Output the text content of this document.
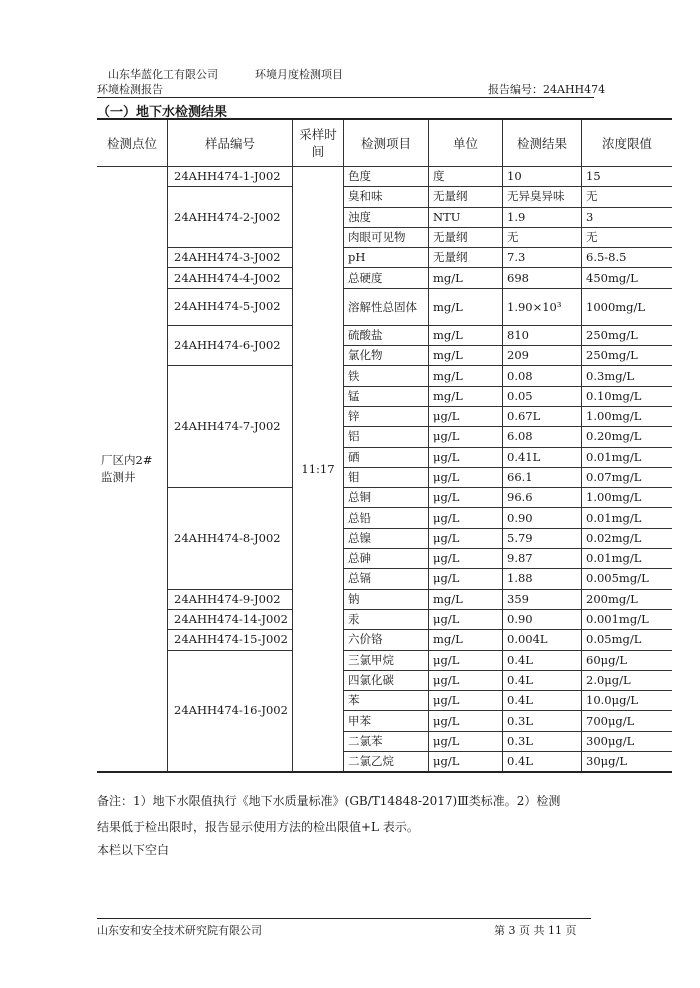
山东华蓝化工有限公司	环境月度检测项目
环境检测报告	报告编号：24AHH474
（一）地下水检测结果
检测点位	样品编号	采样时间	检测项目	单位	检测结果	浓度限值
厂区内2#监测井	24AHH474-1-J002	11:17	色度	度	10	15
	24AHH474-2-J002		臭和味	无量纲	无异臭异味	无
			浊度	NTU	1.9	3
			肉眼可见物	无量纲	无	无
	24AHH474-3-J002		pH	无量纲	7.3	6.5-8.5
	24AHH474-4-J002		总硬度	mg/L	698	450mg/L
	24AHH474-5-J002		溶解性总固体	mg/L	1.90×10³	1000mg/L
	24AHH474-6-J002		硫酸盐	mg/L	810	250mg/L
			氯化物	mg/L	209	250mg/L
	24AHH474-7-J002		铁	mg/L	0.08	0.3mg/L
			锰	mg/L	0.05	0.10mg/L
			锌	μg/L	0.67L	1.00mg/L
			铝	μg/L	6.08	0.20mg/L
			硒	μg/L	0.41L	0.01mg/L
			钼	μg/L	66.1	0.07mg/L
	24AHH474-8-J002		总铜	μg/L	96.6	1.00mg/L
			总铅	μg/L	0.90	0.01mg/L
			总镍	μg/L	5.79	0.02mg/L
			总砷	μg/L	9.87	0.01mg/L
			总镉	μg/L	1.88	0.005mg/L
	24AHH474-9-J002		钠	mg/L	359	200mg/L
	24AHH474-14-J002		汞	μg/L	0.90	0.001mg/L
	24AHH474-15-J002		六价铬	mg/L	0.004L	0.05mg/L
	24AHH474-16-J002		三氯甲烷	μg/L	0.4L	60μg/L
			四氯化碳	μg/L	0.4L	2.0μg/L
			苯	μg/L	0.4L	10.0μg/L
			甲苯	μg/L	0.3L	700μg/L
			二氯苯	μg/L	0.3L	300μg/L
			二氯乙烷	μg/L	0.4L	30μg/L
备注：1）地下水限值执行《地下水质量标准》(GB/T14848-2017)Ⅲ类标准。2）检测
结果低于检出限时，报告显示使用方法的检出限值+L 表示。
本栏以下空白
山东安和安全技术研究院有限公司	第 3 页 共 11 页
